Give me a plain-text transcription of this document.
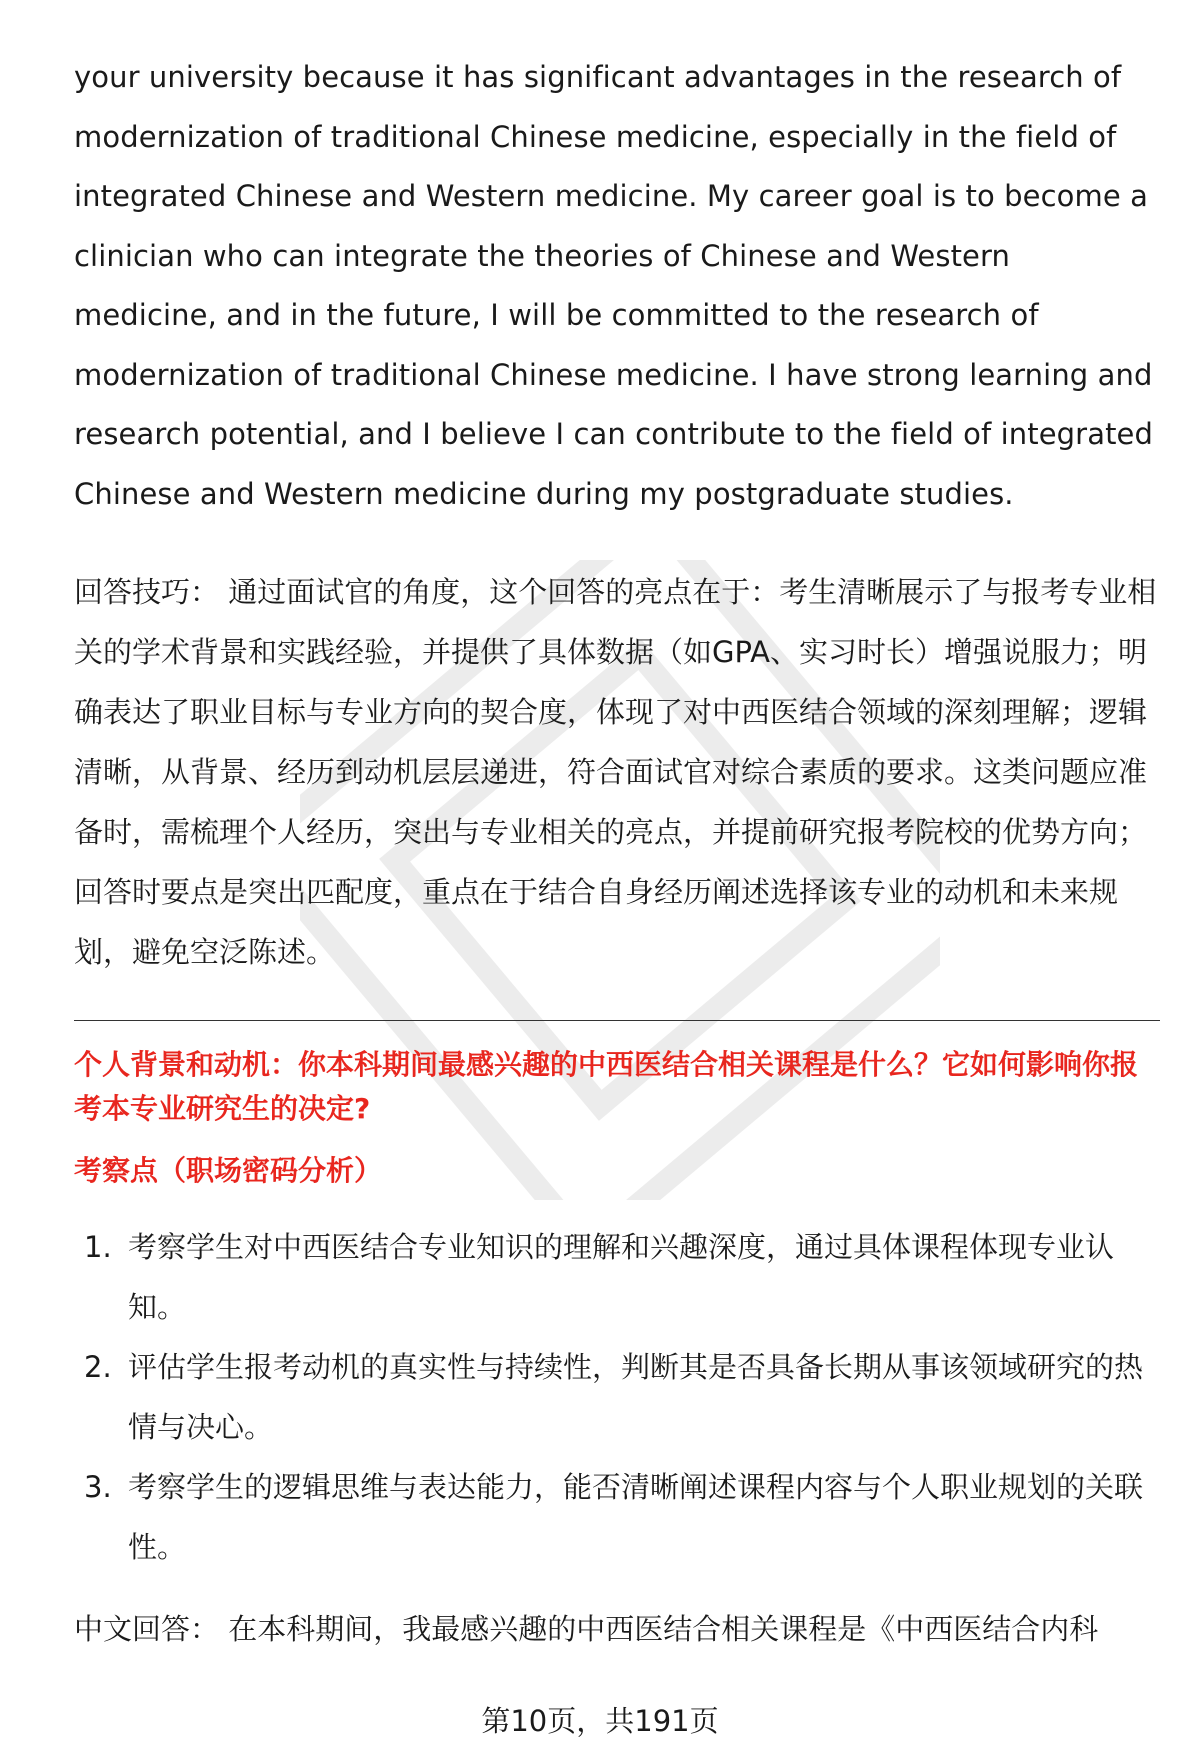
your university because it has significant advantages in the research of modernization of traditional Chinese medicine, especially in the field of integrated Chinese and Western medicine. My career goal is to become a clinician who can integrate the theories of Chinese and Western medicine, and in the future, I will be committed to the research of modernization of traditional Chinese medicine. I have strong learning and research potential, and I believe I can contribute to the field of integrated Chinese and Western medicine during my postgraduate studies.

回答技巧： 通过面试官的角度，这个回答的亮点在于：考生清晰展示了与报考专业相关的学术背景和实践经验，并提供了具体数据（如GPA、实习时长）增强说服力；明确表达了职业目标与专业方向的契合度，体现了对中西医结合领域的深刻理解；逻辑清晰，从背景、经历到动机层层递进，符合面试官对综合素质的要求。这类问题应准备时，需梳理个人经历，突出与专业相关的亮点，并提前研究报考院校的优势方向；回答时要点是突出匹配度，重点在于结合自身经历阐述选择该专业的动机和未来规划，避免空泛陈述。

个人背景和动机：你本科期间最感兴趣的中西医结合相关课程是什么？它如何影响你报考本专业研究生的决定?

考察点（职场密码分析）

1. 考察学生对中西医结合专业知识的理解和兴趣深度，通过具体课程体现专业认知。
2. 评估学生报考动机的真实性与持续性，判断其是否具备长期从事该领域研究的热情与决心。
3. 考察学生的逻辑思维与表达能力，能否清晰阐述课程内容与个人职业规划的关联性。

中文回答： 在本科期间，我最感兴趣的中西医结合相关课程是《中西医结合内科

第10页，共191页
